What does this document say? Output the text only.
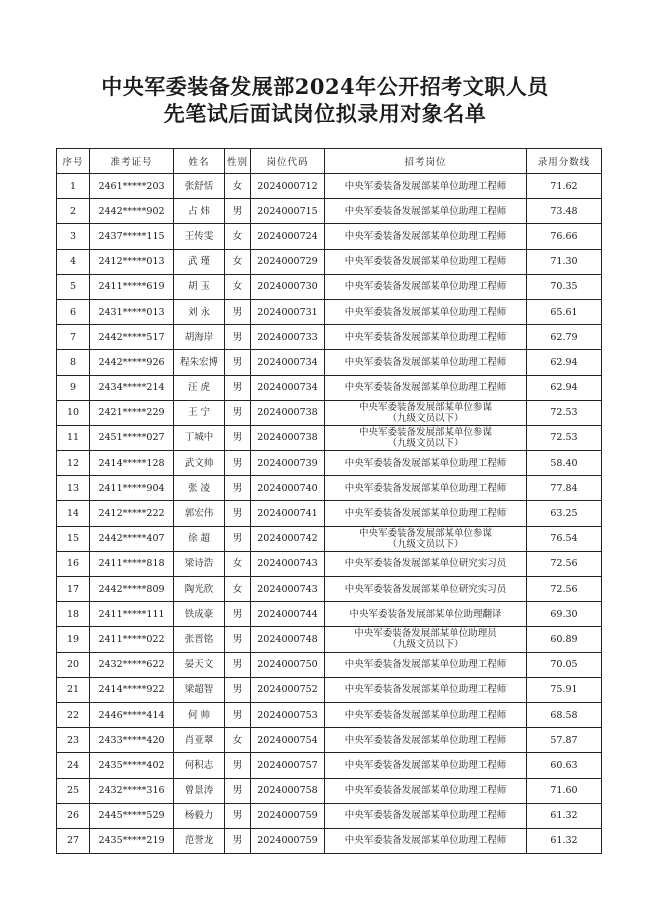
中央军委装备发展部2024年公开招考文职人员
先笔试后面试岗位拟录用对象名单
序号	准考证号	姓名	性别	岗位代码	招考岗位	录用分数线
1	2461*****203	张舒恬	女	2024000712	中央军委装备发展部某单位助理工程师	71.62
2	2442*****902	占 炜	男	2024000715	中央军委装备发展部某单位助理工程师	73.48
3	2437*****115	王传雯	女	2024000724	中央军委装备发展部某单位助理工程师	76.66
4	2412*****013	武 瑾	女	2024000729	中央军委装备发展部某单位助理工程师	71.30
5	2411*****619	胡 玉	女	2024000730	中央军委装备发展部某单位助理工程师	70.35
6	2431*****013	刘 永	男	2024000731	中央军委装备发展部某单位助理工程师	65.61
7	2442*****517	胡海岸	男	2024000733	中央军委装备发展部某单位助理工程师	62.79
8	2442*****926	程朱宏博	男	2024000734	中央军委装备发展部某单位助理工程师	62.94
9	2434*****214	汪 虎	男	2024000734	中央军委装备发展部某单位助理工程师	62.94
10	2421*****229	王 宁	男	2024000738	中央军委装备发展部某单位参谋
（九级文员以下）	72.53
11	2451*****027	丁城中	男	2024000738	中央军委装备发展部某单位参谋
（九级文员以下）	72.53
12	2414*****128	武文帅	男	2024000739	中央军委装备发展部某单位助理工程师	58.40
13	2411*****904	张 凌	男	2024000740	中央军委装备发展部某单位助理工程师	77.84
14	2412*****222	郭宏伟	男	2024000741	中央军委装备发展部某单位助理工程师	63.25
15	2442*****407	徐 超	男	2024000742	中央军委装备发展部某单位参谋
（九级文员以下）	76.54
16	2411*****818	梁诗浩	女	2024000743	中央军委装备发展部某单位研究实习员	72.56
17	2442*****809	陶光欣	女	2024000743	中央军委装备发展部某单位研究实习员	72.56
18	2411*****111	铁成豪	男	2024000744	中央军委装备发展部某单位助理翻译	69.30
19	2411*****022	张晋铭	男	2024000748	中央军委装备发展部某单位助理员
（九级文员以下）	60.89
20	2432*****622	晏天文	男	2024000750	中央军委装备发展部某单位助理工程师	70.05
21	2414*****922	梁超智	男	2024000752	中央军委装备发展部某单位助理工程师	75.91
22	2446*****414	何 帅	男	2024000753	中央军委装备发展部某单位助理工程师	68.58
23	2433*****420	肖亚翠	女	2024000754	中央军委装备发展部某单位助理工程师	57.87
24	2435*****402	何积志	男	2024000757	中央军委装备发展部某单位助理工程师	60.63
25	2432*****316	曾景涛	男	2024000758	中央军委装备发展部某单位助理工程师	71.60
26	2445*****529	杨毅力	男	2024000759	中央军委装备发展部某单位助理工程师	61.32
27	2435*****219	范誉龙	男	2024000759	中央军委装备发展部某单位助理工程师	61.32
